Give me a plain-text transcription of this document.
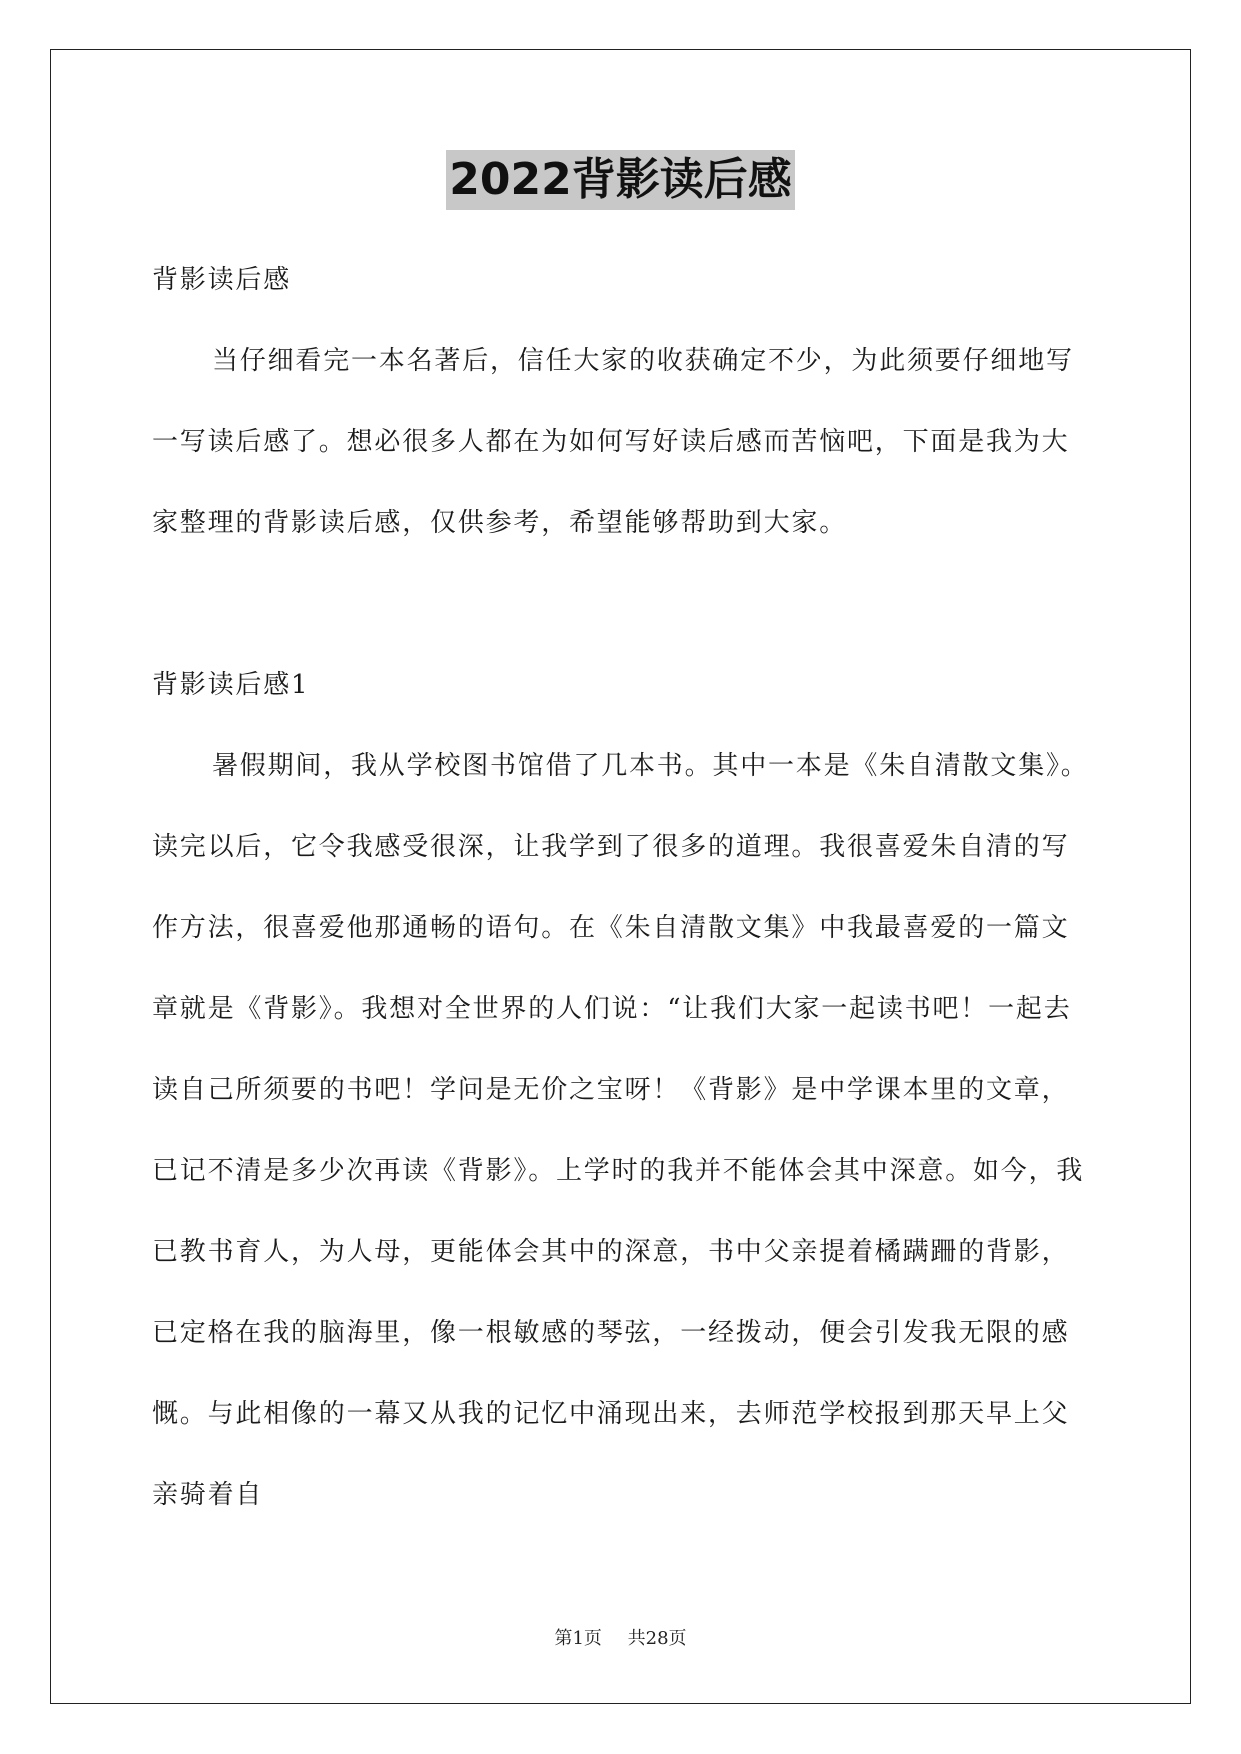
2022背影读后感

背影读后感

当仔细看完一本名著后，信任大家的收获确定不少，为此须要仔细地写一写读后感了。想必很多人都在为如何写好读后感而苦恼吧，下面是我为大家整理的背影读后感，仅供参考，希望能够帮助到大家。

背影读后感1

暑假期间，我从学校图书馆借了几本书。其中一本是《朱自清散文集》。读完以后，它令我感受很深，让我学到了很多的道理。我很喜爱朱自清的写作方法，很喜爱他那通畅的语句。在《朱自清散文集》中我最喜爱的一篇文章就是《背影》。我想对全世界的人们说：“让我们大家一起读书吧！一起去读自己所须要的书吧！学问是无价之宝呀！《背影》是中学课本里的文章，已记不清是多少次再读《背影》。上学时的我并不能体会其中深意。如今，我已教书育人，为人母，更能体会其中的深意，书中父亲提着橘蹒跚的背影，已定格在我的脑海里，像一根敏感的琴弦，一经拨动，便会引发我无限的感慨。与此相像的一幕又从我的记忆中涌现出来，去师范学校报到那天早上父亲骑着自

第1页 共28页
